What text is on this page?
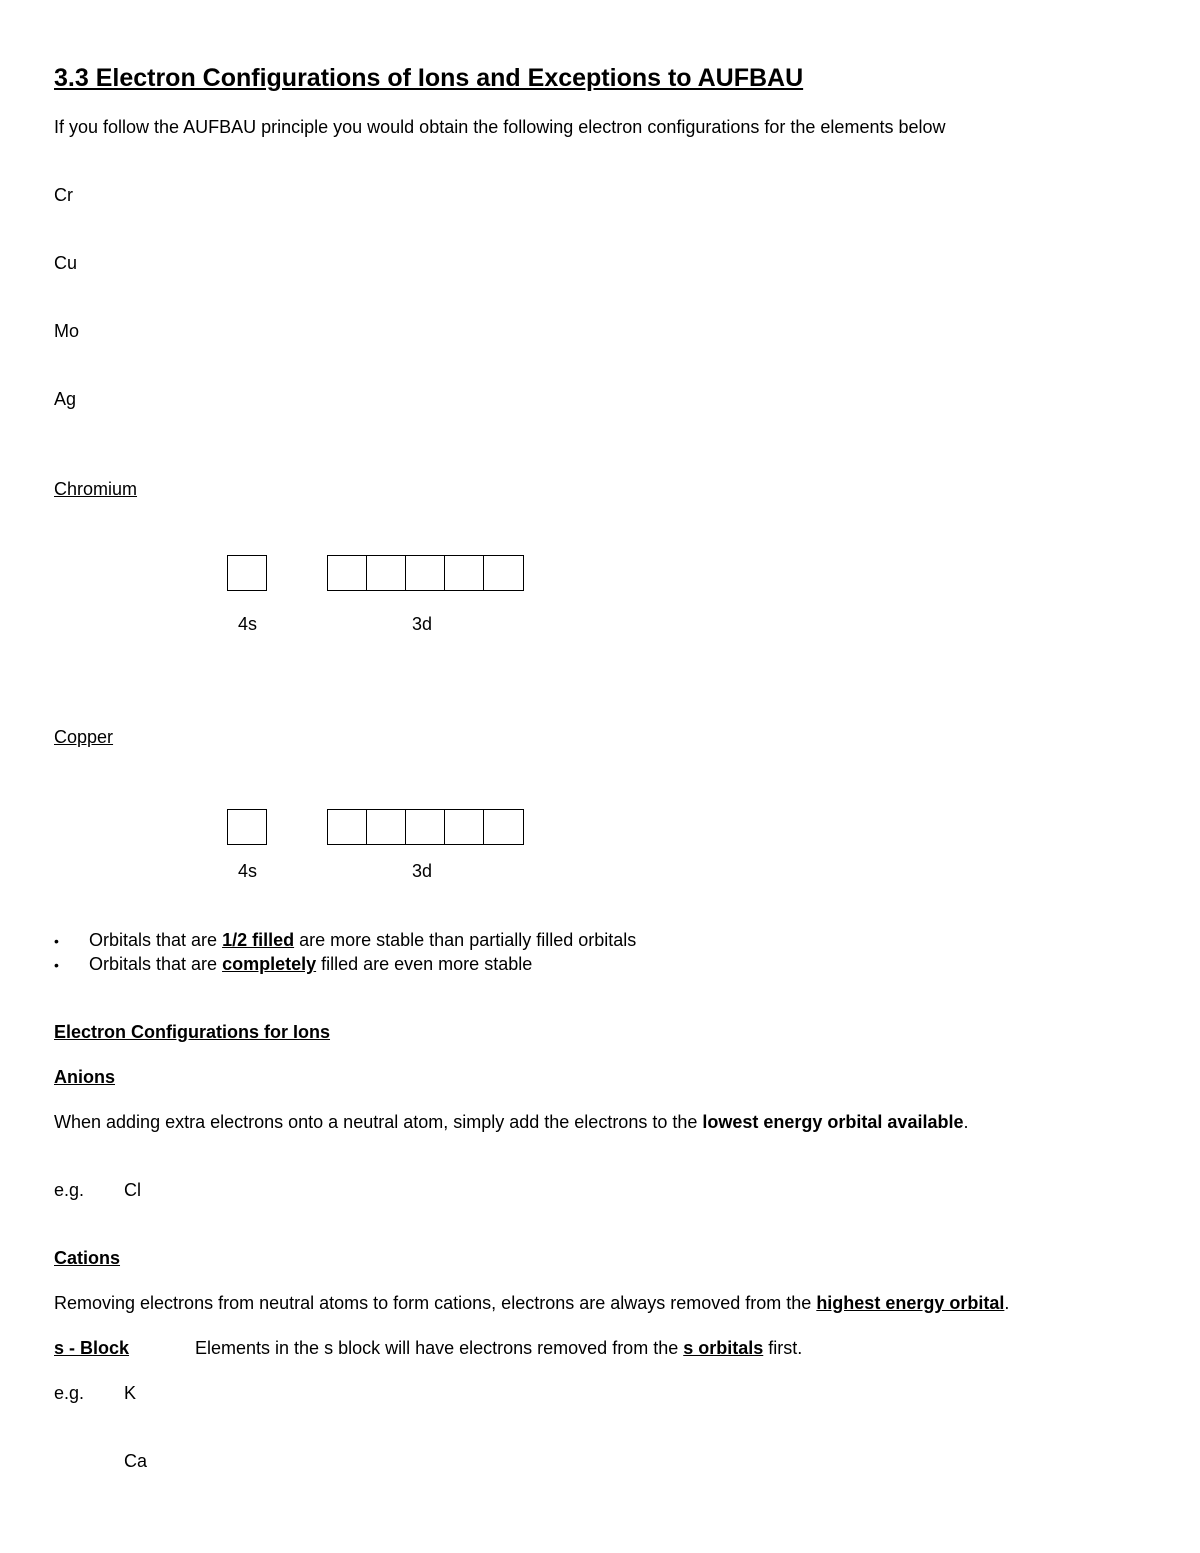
3.3 Electron Configurations of Ions and Exceptions to AUFBAU
If you follow the AUFBAU principle you would obtain the following electron configurations for the elements below
Cr
Cu
Mo
Ag
Chromium
4s	3d
Copper
4s	3d
• Orbitals that are 1/2 filled are more stable than partially filled orbitals
• Orbitals that are completely filled are even more stable
Electron Configurations for Ions
Anions
When adding extra electrons onto a neutral atom, simply add the electrons to the lowest energy orbital available.
e.g. Cl
Cations
Removing electrons from neutral atoms to form cations, electrons are always removed from the highest energy orbital.
s - Block	Elements in the s block will have electrons removed from the s orbitals first.
e.g. K
Ca
